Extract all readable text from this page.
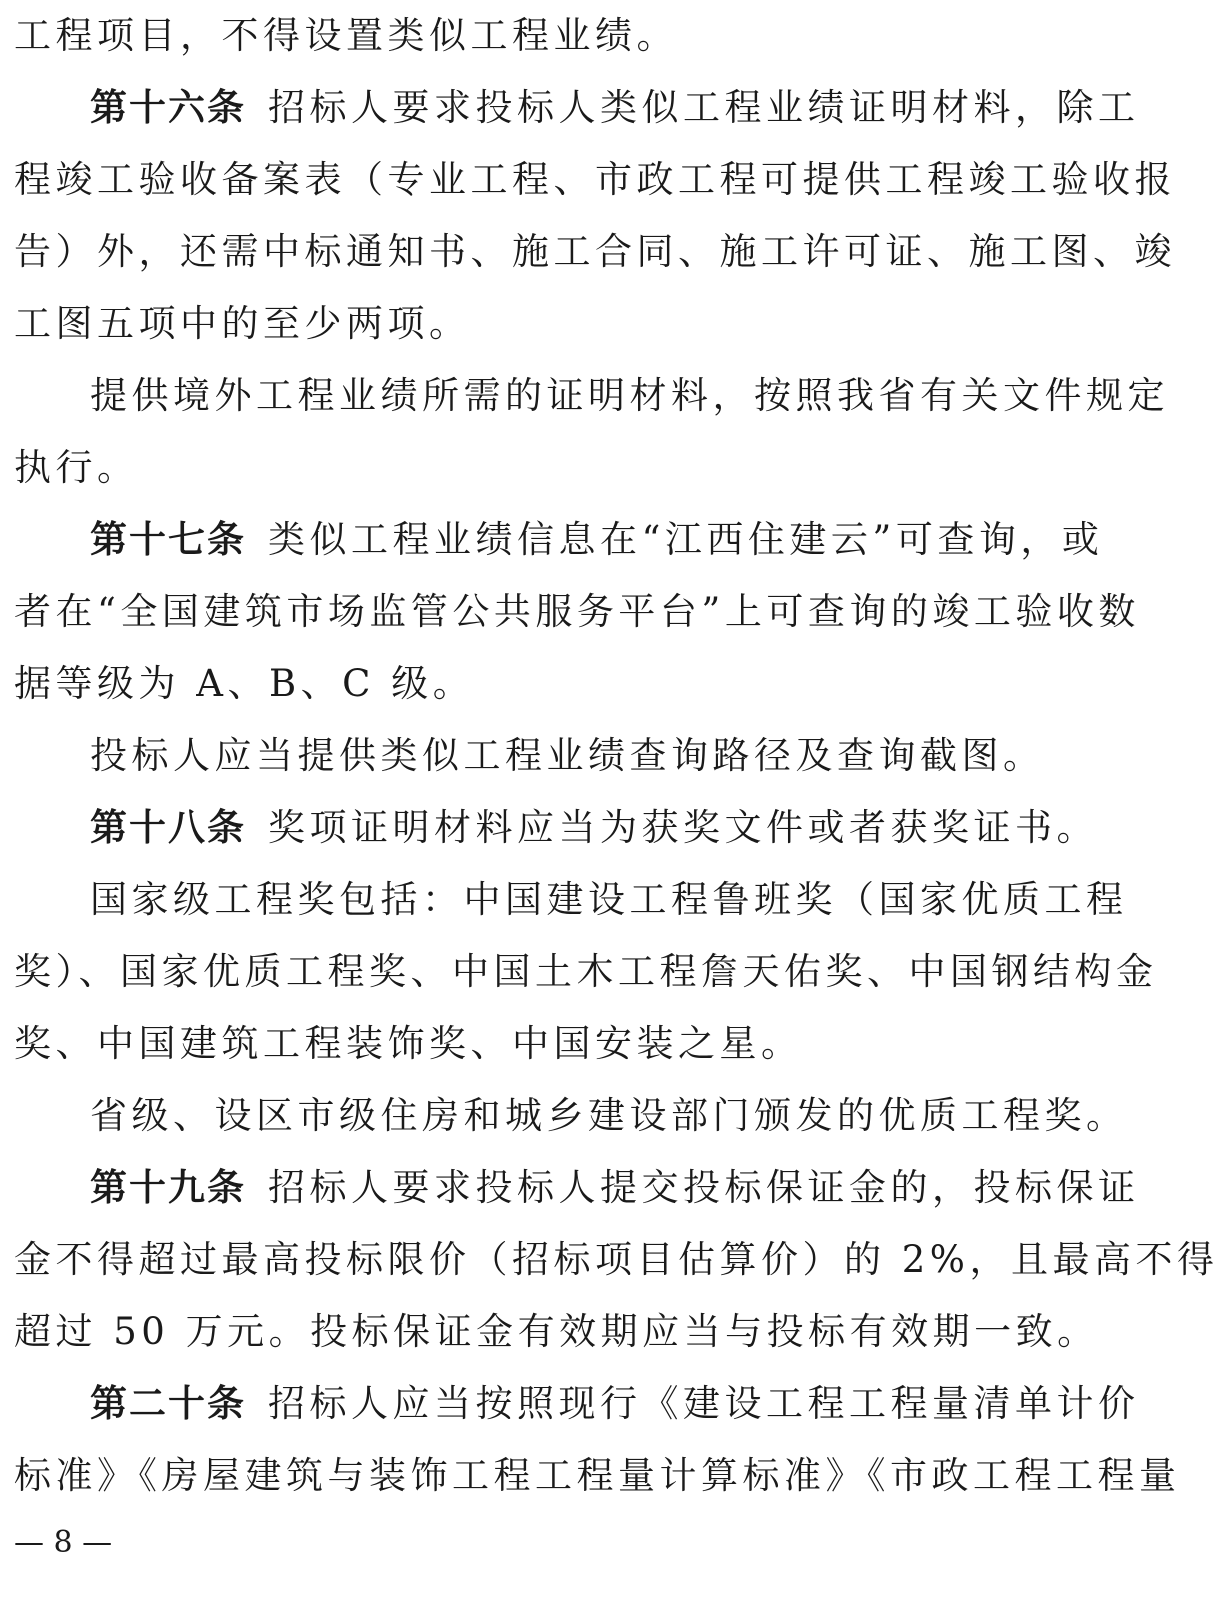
工程项目，不得设置类似工程业绩。
第十六条 招标人要求投标人类似工程业绩证明材料，除工
程竣工验收备案表（专业工程、市政工程可提供工程竣工验收报
告）外，还需中标通知书、施工合同、施工许可证、施工图、竣
工图五项中的至少两项。
提供境外工程业绩所需的证明材料，按照我省有关文件规定
执行。
第十七条 类似工程业绩信息在“江西住建云”可查询，或
者在“全国建筑市场监管公共服务平台”上可查询的竣工验收数
据等级为 A、B、C 级。
投标人应当提供类似工程业绩查询路径及查询截图。
第十八条 奖项证明材料应当为获奖文件或者获奖证书。
国家级工程奖包括：中国建设工程鲁班奖（国家优质工程
奖）、国家优质工程奖、中国土木工程詹天佑奖、中国钢结构金
奖、中国建筑工程装饰奖、中国安装之星。
省级、设区市级住房和城乡建设部门颁发的优质工程奖。
第十九条 招标人要求投标人提交投标保证金的，投标保证
金不得超过最高投标限价（招标项目估算价）的 2%，且最高不得
超过 50 万元。投标保证金有效期应当与投标有效期一致。
第二十条 招标人应当按照现行《建设工程工程量清单计价
标准》《房屋建筑与装饰工程工程量计算标准》《市政工程工程量
— 8 —
